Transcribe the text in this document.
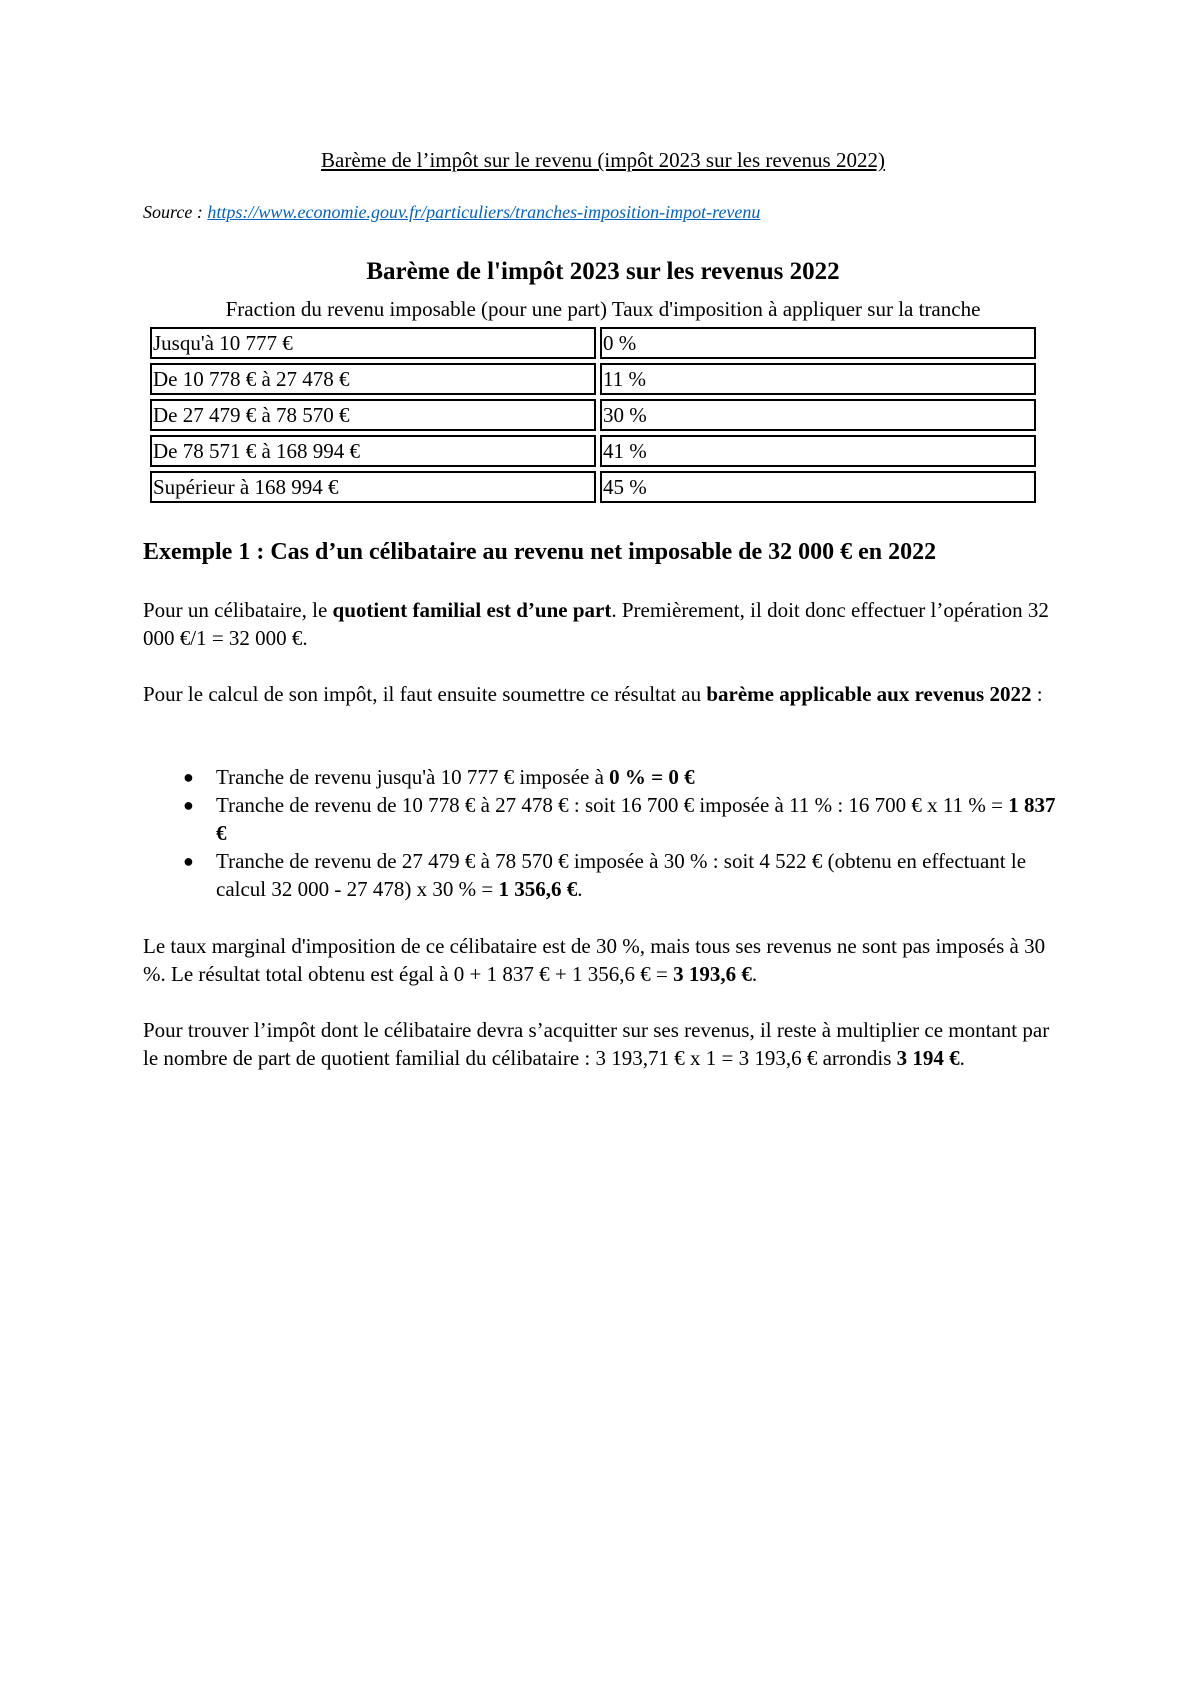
Barème de l’impôt sur le revenu (impôt 2023 sur les revenus 2022)
Source : https://www.economie.gouv.fr/particuliers/tranches-imposition-impot-revenu
Barème de l'impôt 2023 sur les revenus 2022
Fraction du revenu imposable (pour une part) Taux d'imposition à appliquer sur la tranche
Jusqu'à 10 777 €	0 %
De 10 778 € à 27 478 €	11 %
De 27 479 € à 78 570 €	30 %
De 78 571 € à 168 994 €	41 %
Supérieur à 168 994 €	45 %
Exemple 1 : Cas d’un célibataire au revenu net imposable de 32 000 € en 2022

Pour un célibataire, le quotient familial est d’une part. Premièrement, il doit donc effectuer l’opération 32 000 €/1 = 32 000 €.

Pour le calcul de son impôt, il faut ensuite soumettre ce résultat au barème applicable aux revenus 2022 :

● Tranche de revenu jusqu'à 10 777 € imposée à 0 % = 0 €
● Tranche de revenu de 10 778 € à 27 478 € : soit 16 700 € imposée à 11 % : 16 700 € x 11 % = 1 837 €
● Tranche de revenu de 27 479 € à 78 570 € imposée à 30 % : soit 4 522 € (obtenu en effectuant le calcul 32 000 - 27 478) x 30 % = 1 356,6 €.

Le taux marginal d'imposition de ce célibataire est de 30 %, mais tous ses revenus ne sont pas imposés à 30 %. Le résultat total obtenu est égal à 0 + 1 837 € + 1 356,6 € = 3 193,6 €.

Pour trouver l’impôt dont le célibataire devra s’acquitter sur ses revenus, il reste à multiplier ce montant par le nombre de part de quotient familial du célibataire : 3 193,71 € x 1 = 3 193,6 € arrondis 3 194 €.
